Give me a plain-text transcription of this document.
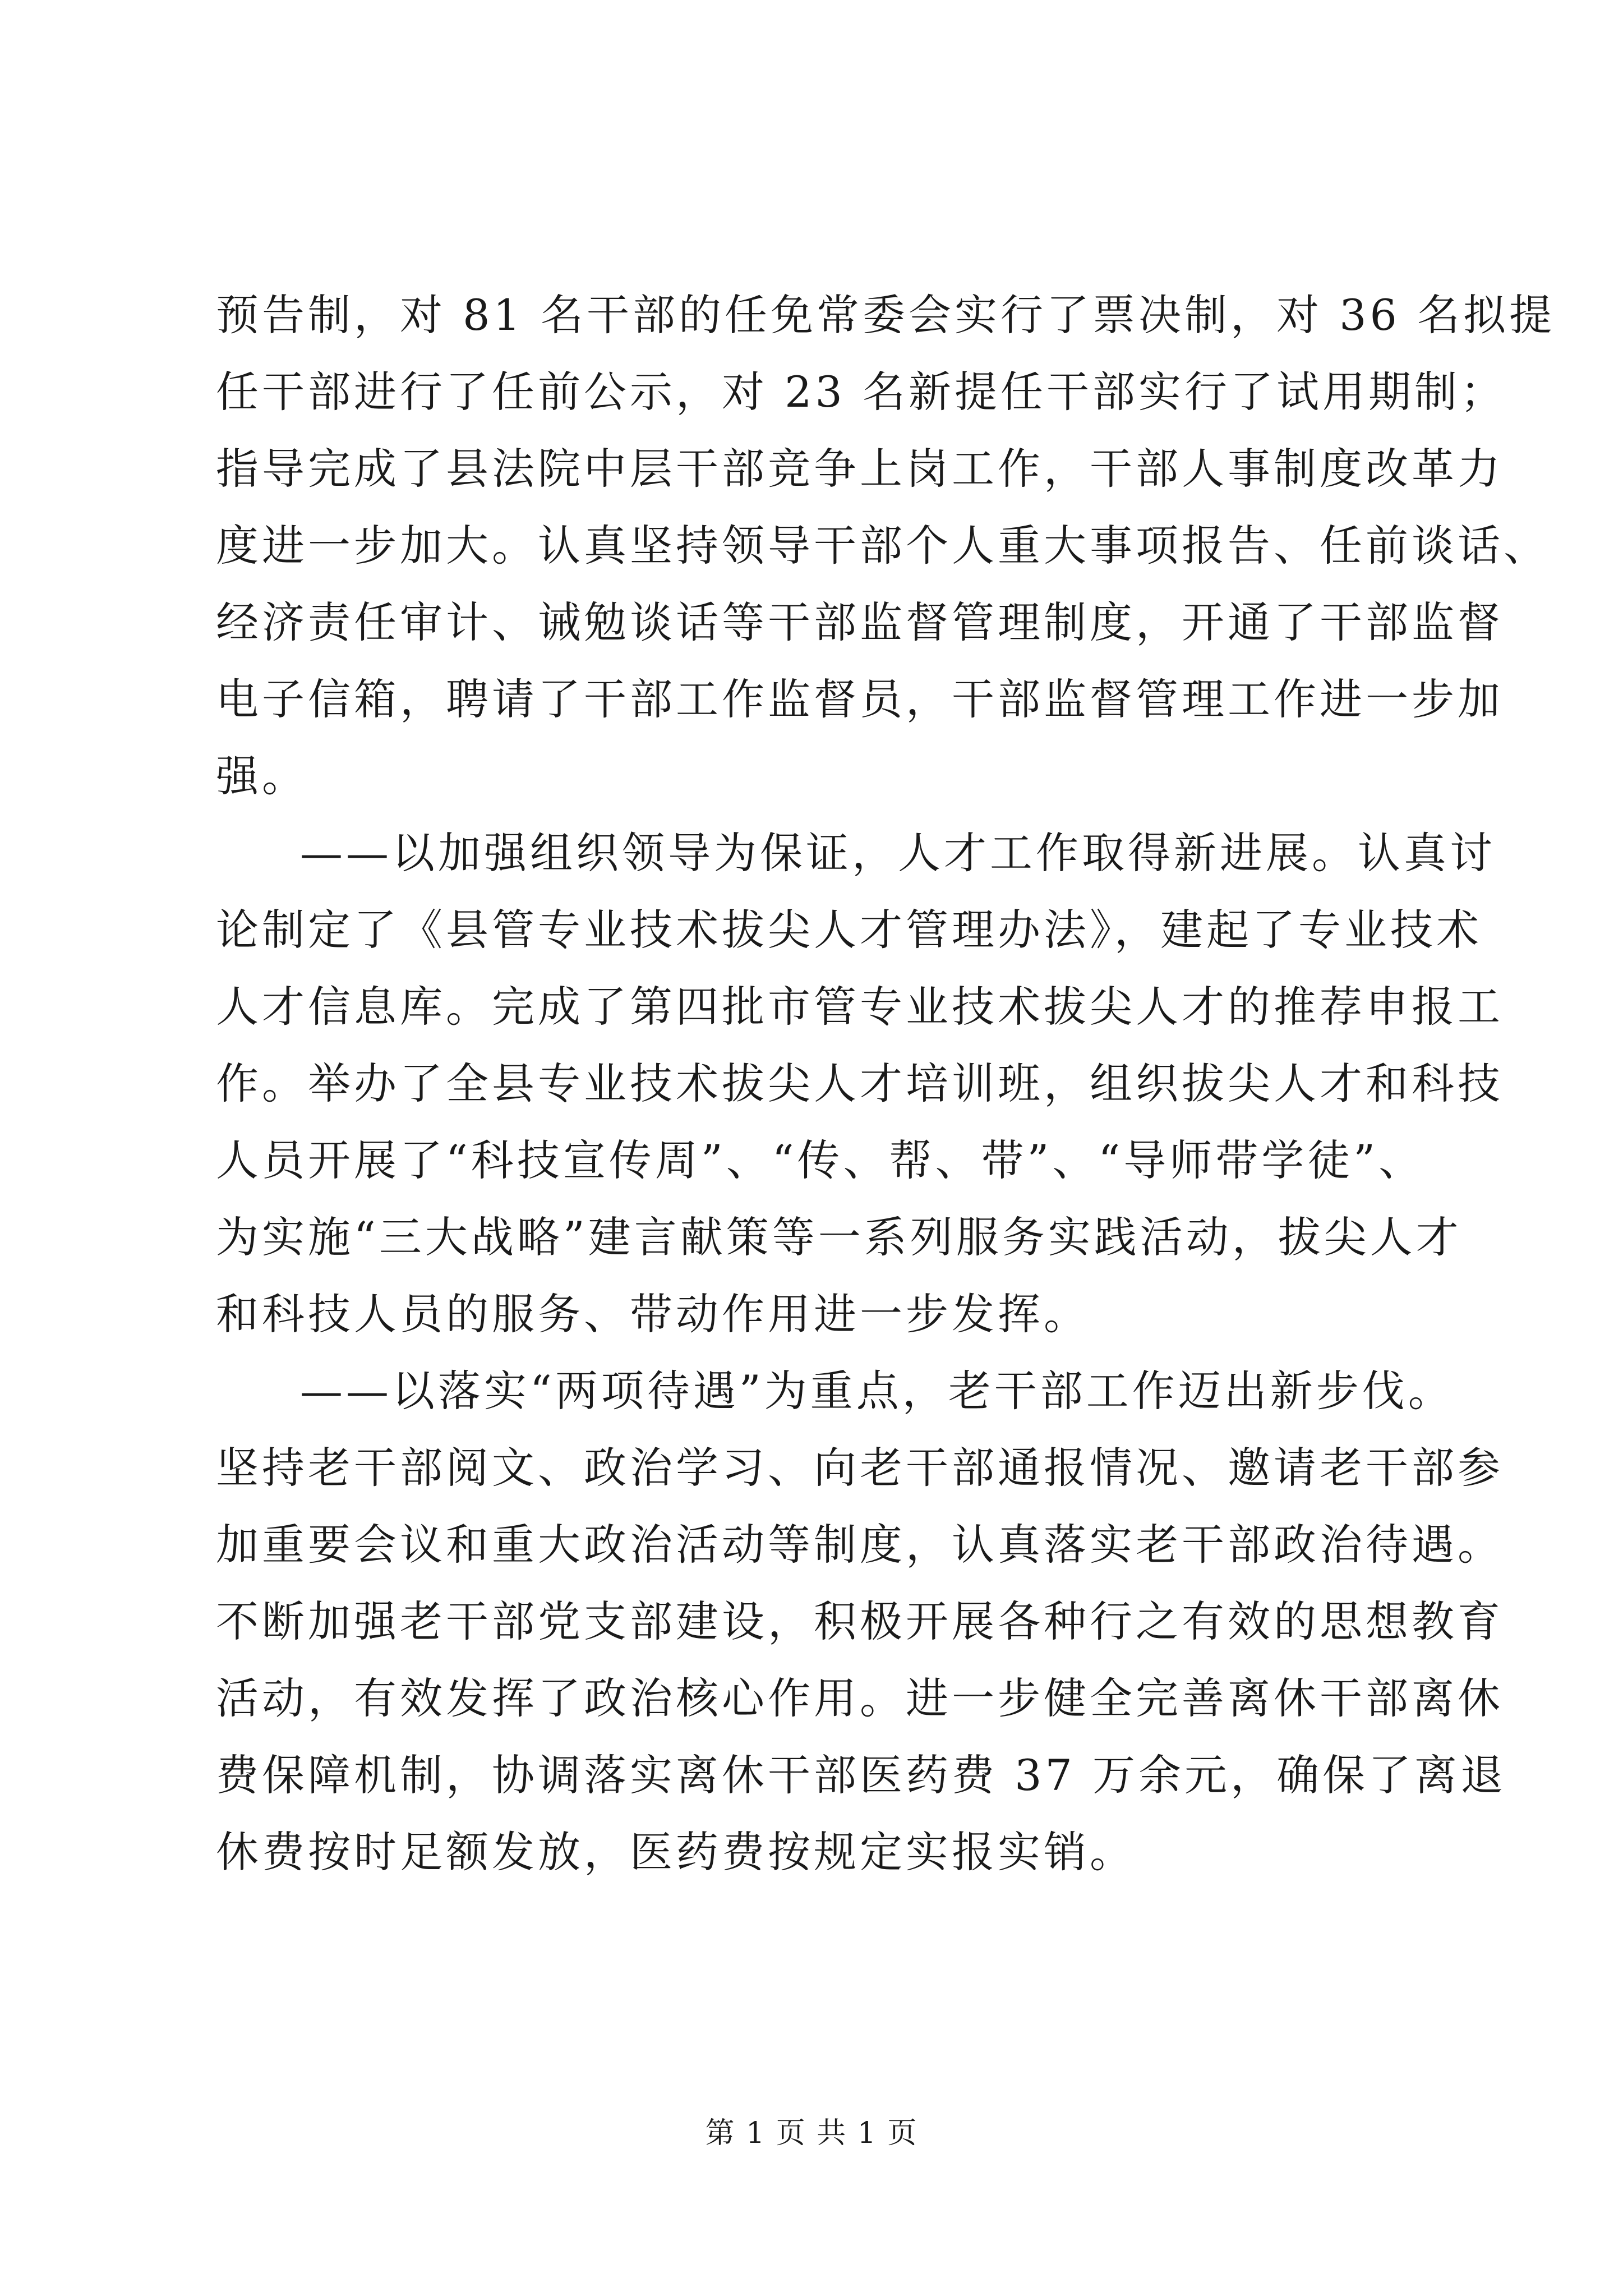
预告制，对 81 名干部的任免常委会实行了票决制，对 36 名拟提
任干部进行了任前公示，对 23 名新提任干部实行了试用期制；
指导完成了县法院中层干部竞争上岗工作，干部人事制度改革力
度进一步加大。认真坚持领导干部个人重大事项报告、任前谈话、
经济责任审计、诫勉谈话等干部监督管理制度，开通了干部监督
电子信箱，聘请了干部工作监督员，干部监督管理工作进一步加
强。
——以加强组织领导为保证，人才工作取得新进展。认真讨
论制定了《县管专业技术拔尖人才管理办法》，建起了专业技术
人才信息库。完成了第四批市管专业技术拔尖人才的推荐申报工
作。举办了全县专业技术拔尖人才培训班，组织拔尖人才和科技
人员开展了“科技宣传周”、“传、帮、带”、“导师带学徒”、
为实施“三大战略”建言献策等一系列服务实践活动，拔尖人才
和科技人员的服务、带动作用进一步发挥。
——以落实“两项待遇”为重点，老干部工作迈出新步伐。
坚持老干部阅文、政治学习、向老干部通报情况、邀请老干部参
加重要会议和重大政治活动等制度，认真落实老干部政治待遇。
不断加强老干部党支部建设，积极开展各种行之有效的思想教育
活动，有效发挥了政治核心作用。进一步健全完善离休干部离休
费保障机制，协调落实离休干部医药费 37 万余元，确保了离退
休费按时足额发放，医药费按规定实报实销。
第 1 页 共 1 页
